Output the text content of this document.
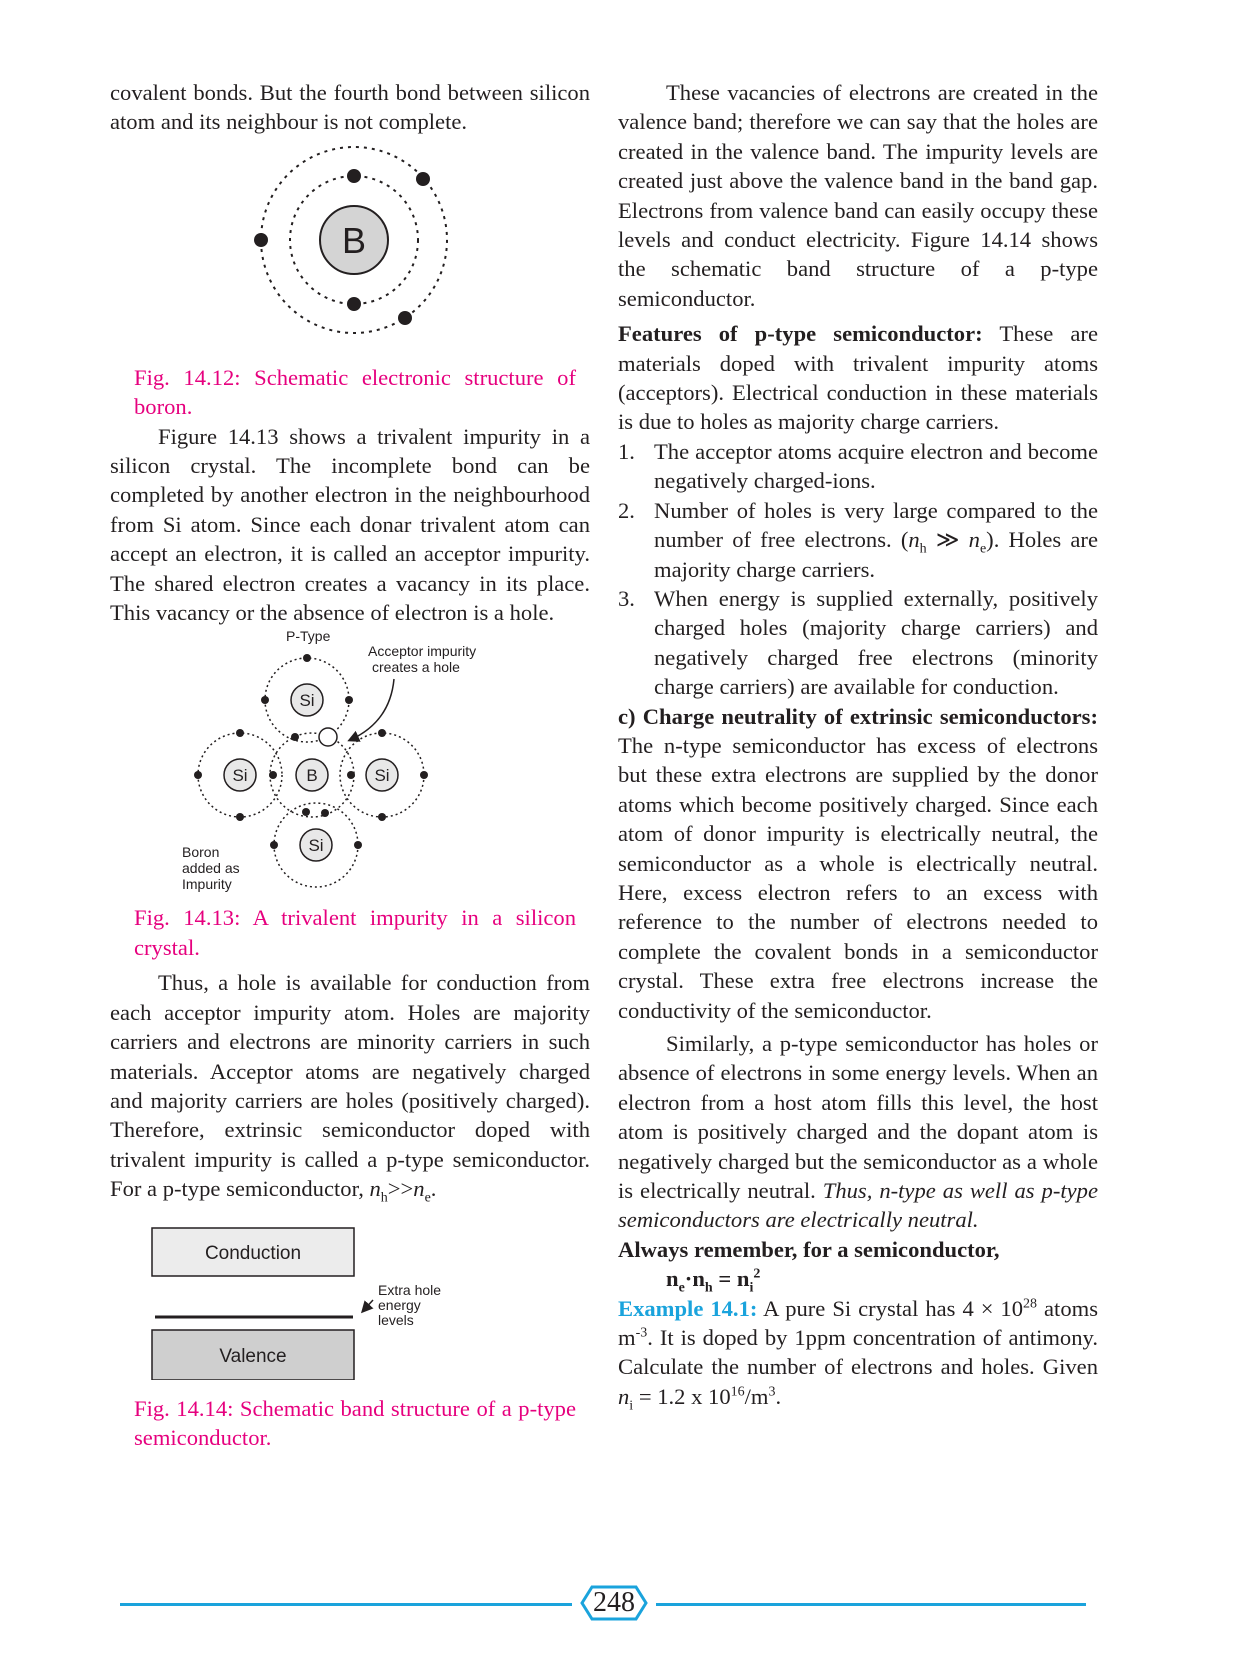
covalent bonds. But the fourth bond between silicon atom and its neighbour is not complete.

B

Fig. 14.12: Schematic electronic structure of boron.

Figure 14.13 shows a trivalent impurity in a silicon crystal. The incomplete bond can be completed by another electron in the neighbourhood from Si atom. Since each donar trivalent atom can accept an electron, it is called an acceptor impurity. The shared electron creates a vacancy in its place. This vacancy or the absence of electron is a hole.

P-Type
Acceptor impurity
creates a hole
Si
B
Si	Si
Si
Boron
added as
Impurity

Fig. 14.13: A trivalent impurity in a silicon crystal.

Thus, a hole is available for conduction from each acceptor impurity atom. Holes are majority carriers and electrons are minority carriers in such materials. Acceptor atoms are negatively charged and majority carriers are holes (positively charged). Therefore, extrinsic semiconductor doped with trivalent impurity is called a p-type semiconductor. For a p-type semiconductor, $n_h>>n_e$.

Conduction
Valence
Extra hole
energy
levels

Fig. 14.14: Schematic band structure of a p-type semiconductor.

These vacancies of electrons are created in the valence band; therefore we can say that the holes are created in the valence band. The impurity levels are created just above the valence band in the band gap. Electrons from valence band can easily occupy these levels and conduct electricity. Figure 14.14 shows the schematic band structure of a p-type semiconductor.

Features of p-type semiconductor: These are materials doped with trivalent impurity atoms (acceptors). Electrical conduction in these materials is due to holes as majority charge carriers.

1. The acceptor atoms acquire electron and become negatively charged-ions.
2. Number of holes is very large compared to the number of free electrons. ($n_h$ ≫ $n_e$). Holes are majority charge carriers.
3. When energy is supplied externally, positively charged holes (majority charge carriers) and negatively charged free electrons (minority charge carriers) are available for conduction.

c) Charge neutrality of extrinsic semiconductors: The n-type semiconductor has excess of electrons but these extra electrons are supplied by the donor atoms which become positively charged. Since each atom of donor impurity is electrically neutral, the semiconductor as a whole is electrically neutral. Here, excess electron refers to an excess with reference to the number of electrons needed to complete the covalent bonds in a semiconductor crystal. These extra free electrons increase the conductivity of the semiconductor.

Similarly, a p-type semiconductor has holes or absence of electrons in some energy levels. When an electron from a host atom fills this level, the host atom is positively charged and the dopant atom is negatively charged but the semiconductor as a whole is electrically neutral. Thus, n-type as well as p-type semiconductors are electrically neutral.

Always remember, for a semiconductor,

$n_e\cdot n_h = n_i^2$

Example 14.1: A pure Si crystal has $4 \times 10^{28}$ atoms $m^{-3}$. It is doped by 1ppm concentration of antimony. Calculate the number of electrons and holes. Given $n_i = 1.2$ x $10^{16}/m^3$.

248
